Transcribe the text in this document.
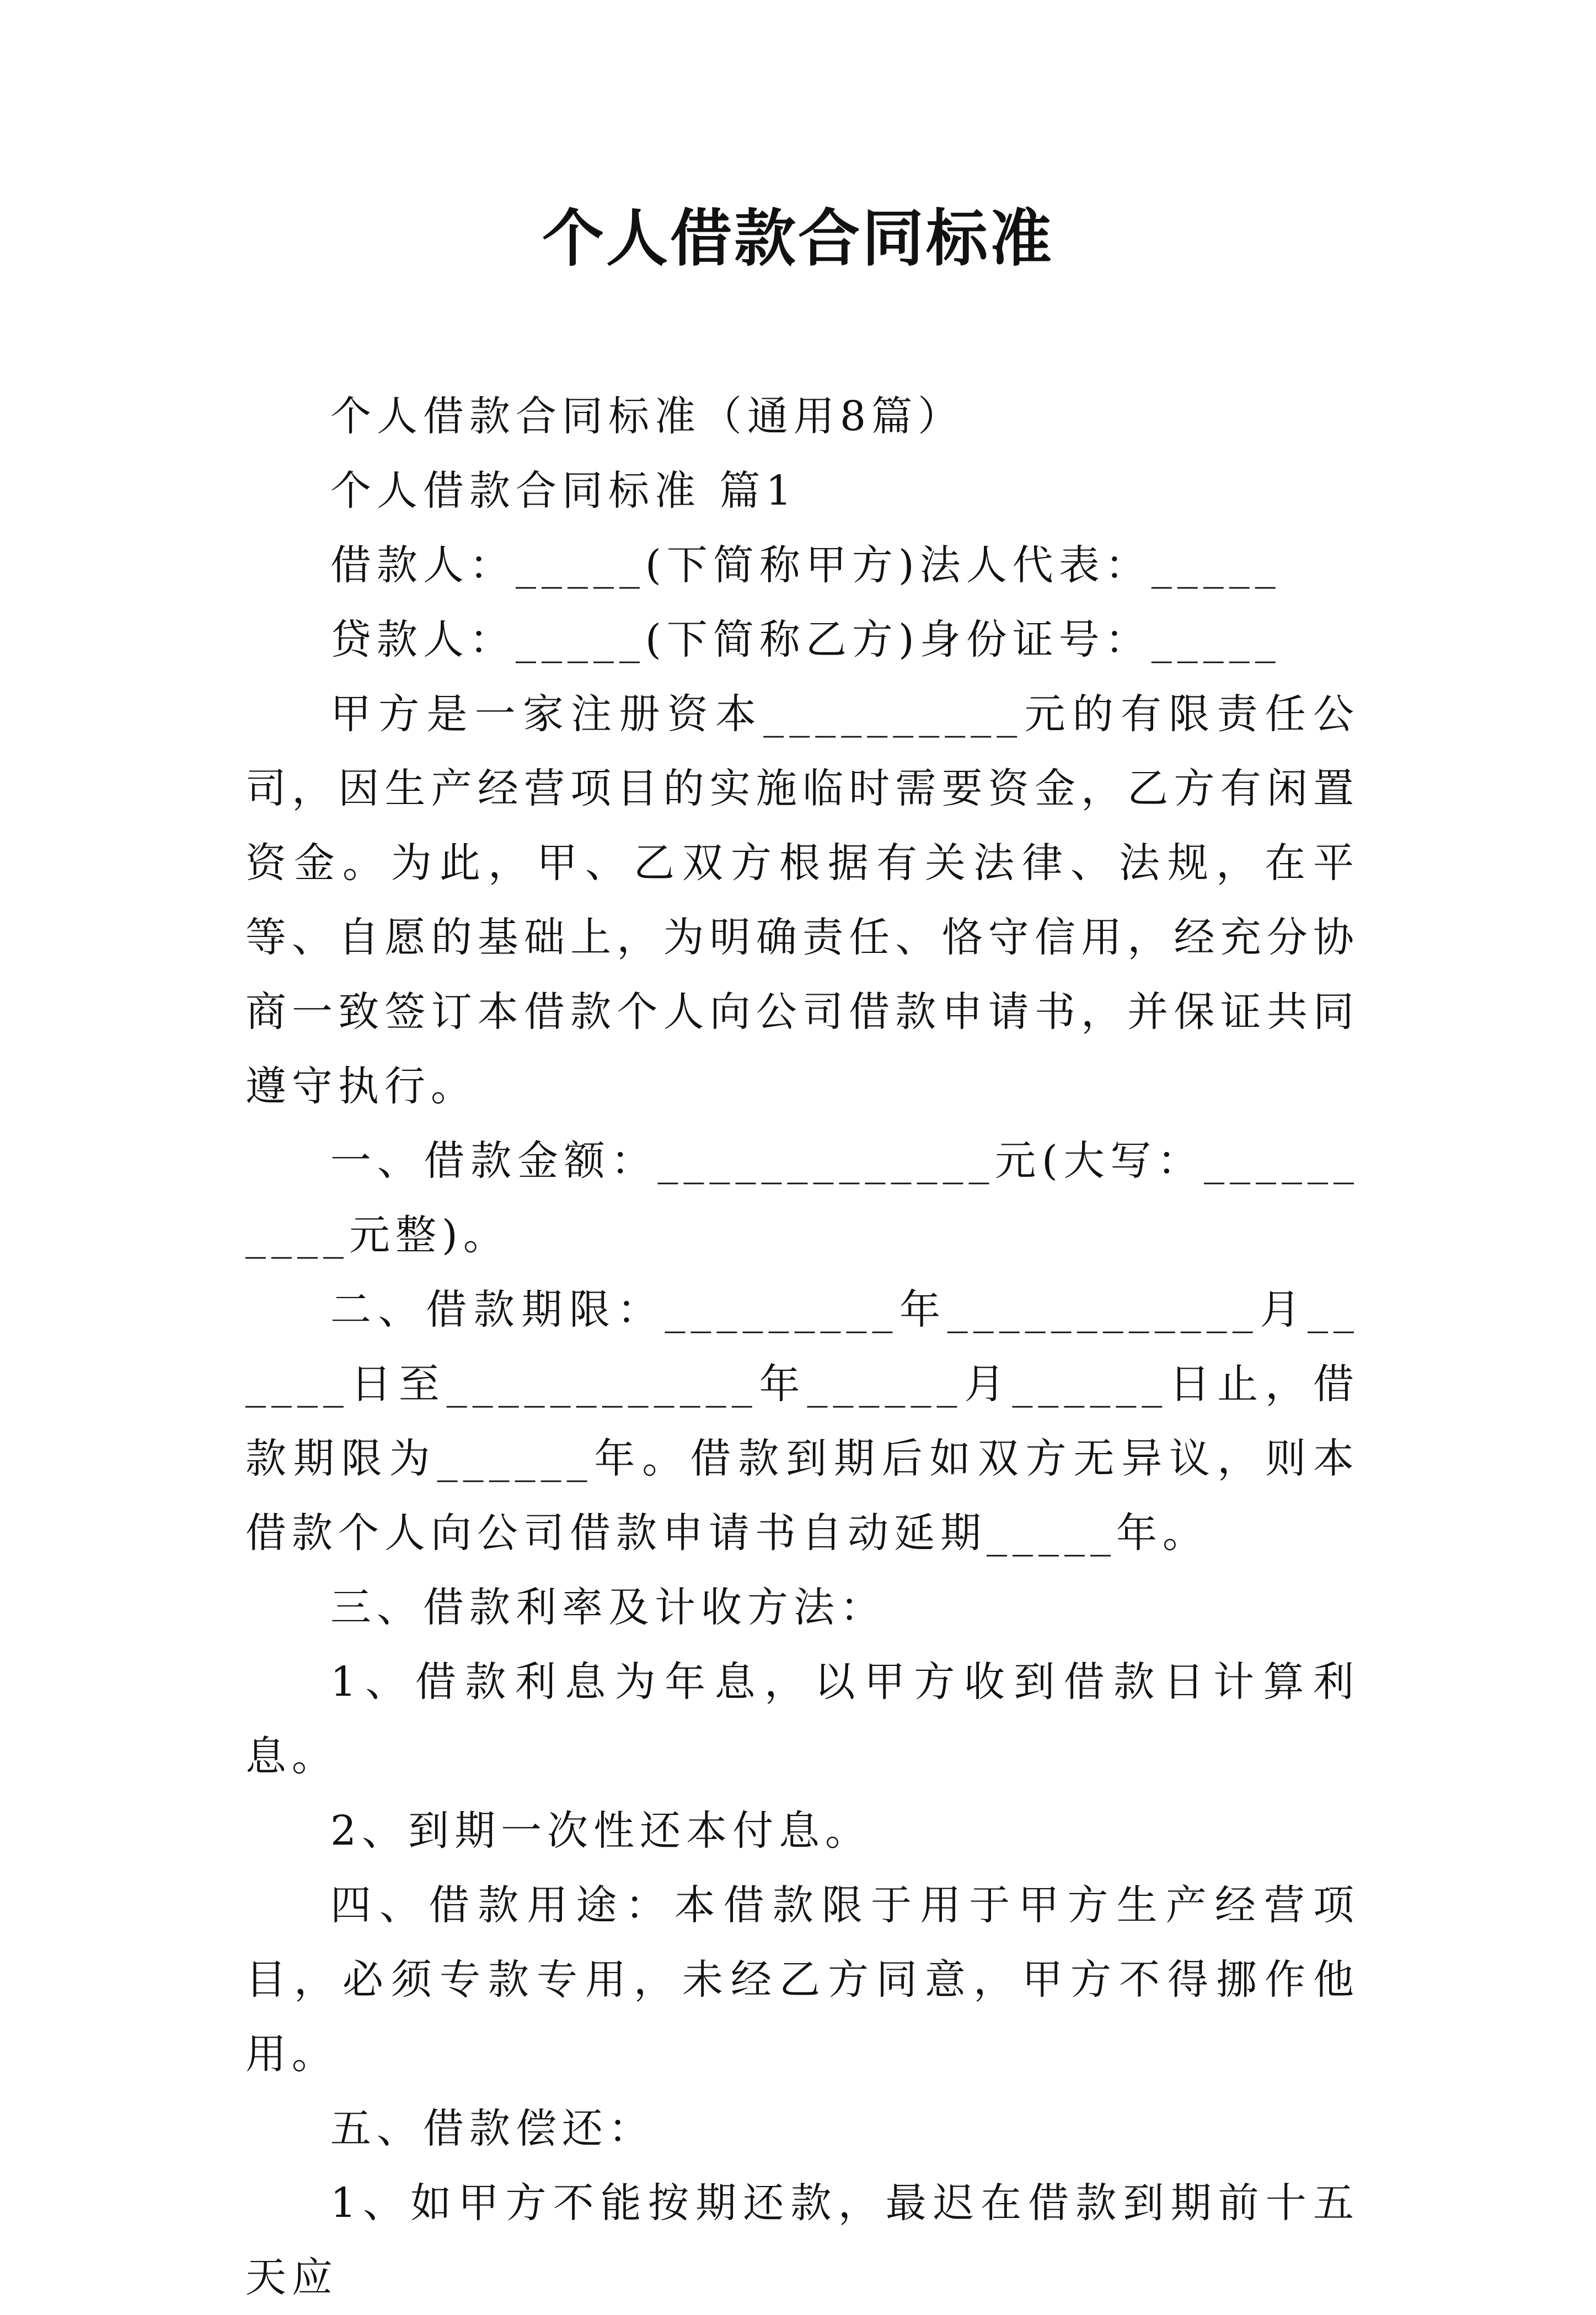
个人借款合同标准

个人借款合同标准（通用8篇）

个人借款合同标准 篇1

借款人：_____(下简称甲方)法人代表：_____

贷款人：_____(下简称乙方)身份证号：_____

甲方是一家注册资本__________元的有限责任公司，因生产经营项目的实施临时需要资金，乙方有闲置资金。为此，甲、乙双方根据有关法律、法规，在平等、自愿的基础上，为明确责任、恪守信用，经充分协商一致签订本借款个人向公司借款申请书，并保证共同遵守执行。

一、借款金额：_____________元(大写：__________元整)。

二、借款期限：_________年____________月______日至____________年______月______日止，借款期限为______年。借款到期后如双方无异议，则本借款个人向公司借款申请书自动延期_____年。

三、借款利率及计收方法：

1、借款利息为年息，以甲方收到借款日计算利息。

2、到期一次性还本付息。

四、借款用途：本借款限于用于甲方生产经营项目，必须专款专用，未经乙方同意，甲方不得挪作他用。

五、借款偿还：

1、如甲方不能按期还款，最迟在借款到期前十五天应
